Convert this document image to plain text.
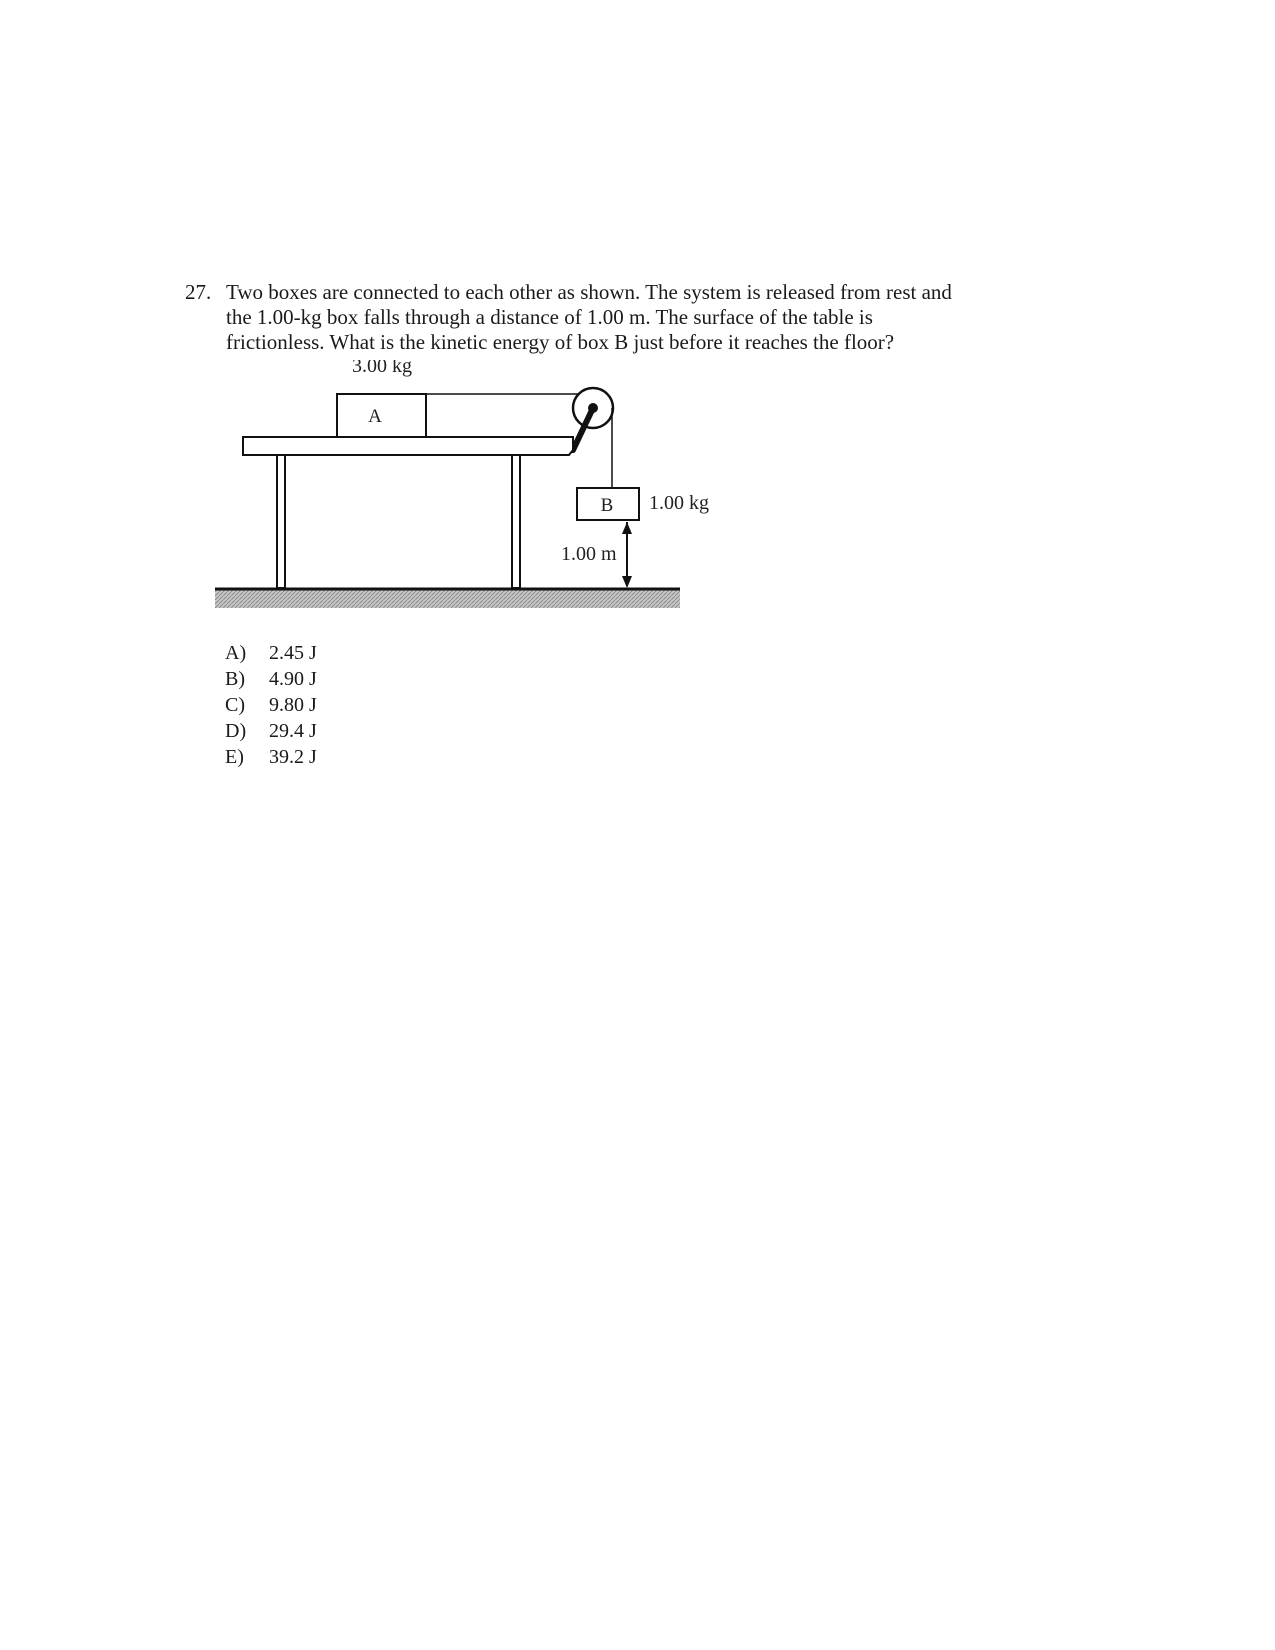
27. Two boxes are connected to each other as shown. The system is released from rest and
the 1.00-kg box falls through a distance of 1.00 m. The surface of the table is
frictionless. What is the kinetic energy of box B just before it reaches the floor?
3.00 kg
A
B 1.00 kg
1.00 m
A)	2.45 J
B)	4.90 J
C)	9.80 J
D)	29.4 J
E)	39.2 J
